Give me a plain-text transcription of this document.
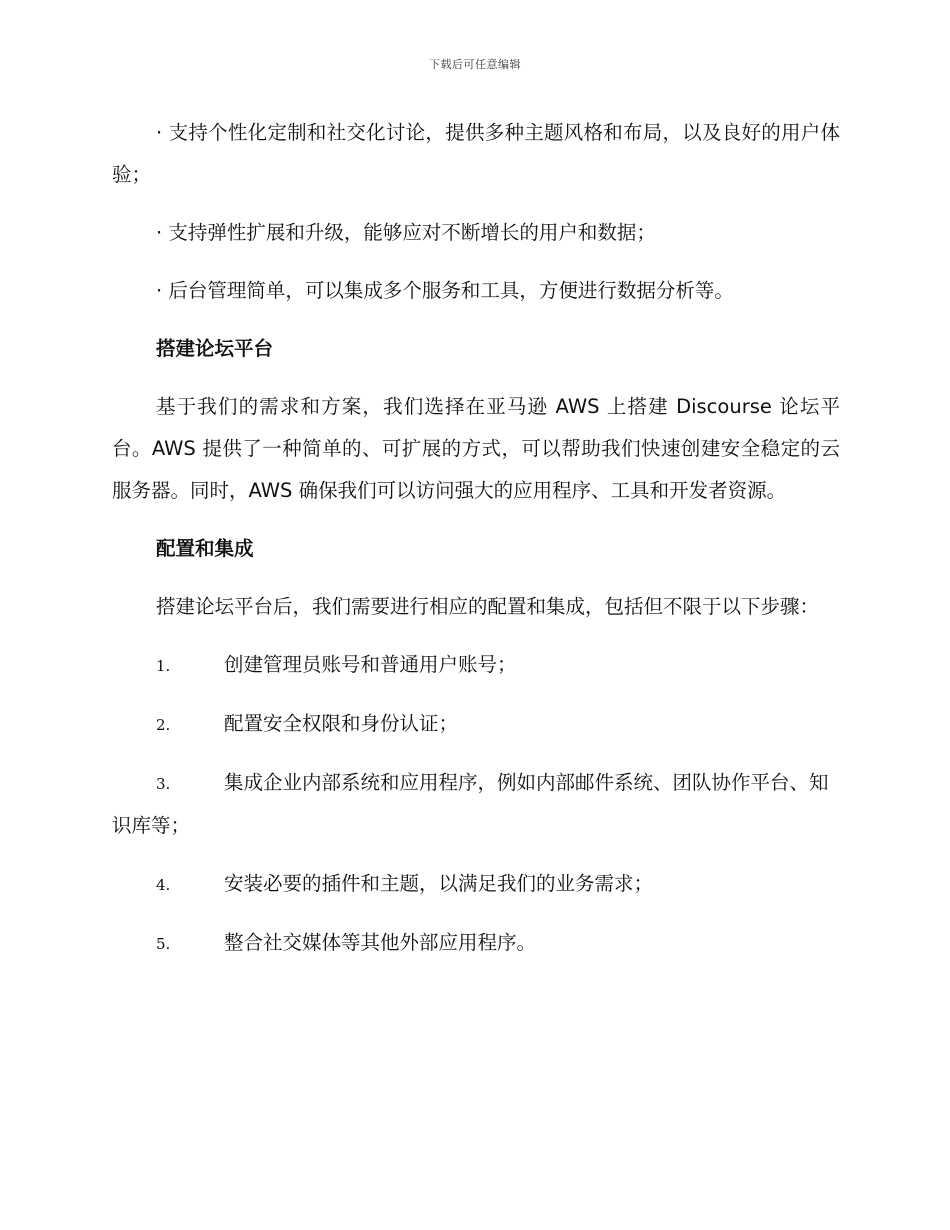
下载后可任意编辑

· 支持个性化定制和社交化讨论，提供多种主题风格和布局，以及良好的用户体验；

· 支持弹性扩展和升级，能够应对不断增长的用户和数据；

· 后台管理简单，可以集成多个服务和工具，方便进行数据分析等。

搭建论坛平台

基于我们的需求和方案，我们选择在亚马逊 AWS 上搭建 Discourse 论坛平台。AWS 提供了一种简单的、可扩展的方式，可以帮助我们快速创建安全稳定的云服务器。同时，AWS 确保我们可以访问强大的应用程序、工具和开发者资源。

配置和集成

搭建论坛平台后，我们需要进行相应的配置和集成，包括但不限于以下步骤：

1.	创建管理员账号和普通用户账号；
2.	配置安全权限和身份认证；
3.	集成企业内部系统和应用程序，例如内部邮件系统、团队协作平台、知识库等；
4.	安装必要的插件和主题，以满足我们的业务需求；
5.	整合社交媒体等其他外部应用程序。
